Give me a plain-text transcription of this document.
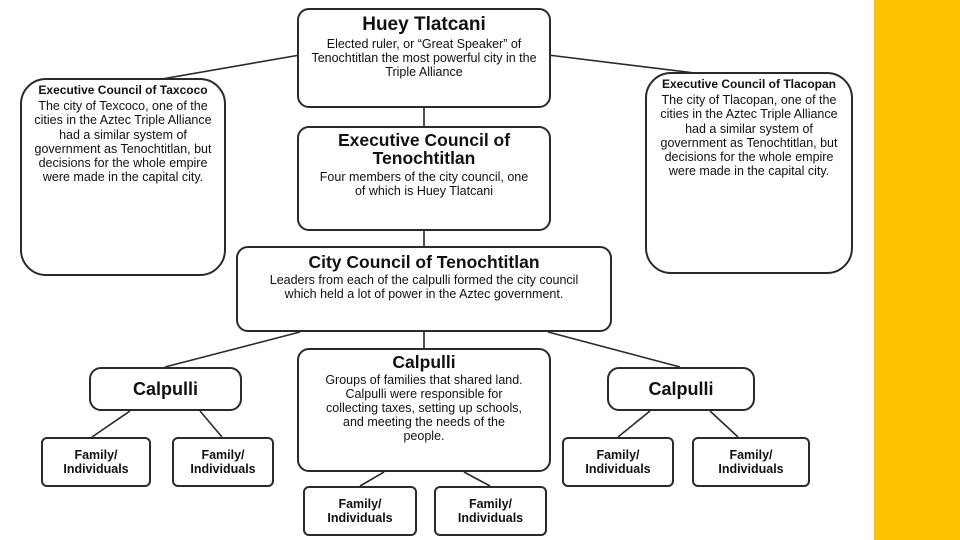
Huey Tlatcani
Elected ruler, or “Great Speaker” of Tenochtitlan the most powerful city in the Triple Alliance
Executive Council of Taxcoco
The city of Texcoco, one of the cities in the Aztec Triple Alliance had a similar system of government as Tenochtitlan, but decisions for the whole empire were made in the capital city.
Executive Council of Tlacopan
The city of Tlacopan, one of the cities in the Aztec Triple Alliance had a similar system of government as Tenochtitlan, but decisions for the whole empire were made in the capital city.
Executive Council of Tenochtitlan
Four members of the city council, one of which is Huey Tlatcani
City Council of Tenochtitlan
Leaders from each of the calpulli formed the city council which held a lot of power in the Aztec government.
Calpulli
Groups of families that shared land. Calpulli were responsible for collecting taxes, setting up schools, and meeting the needs of the people.
Calpulli	Calpulli
Family/ Individuals
Family/ Individuals
Family/ Individuals
Family/ Individuals
Family/ Individuals
Family/ Individuals
